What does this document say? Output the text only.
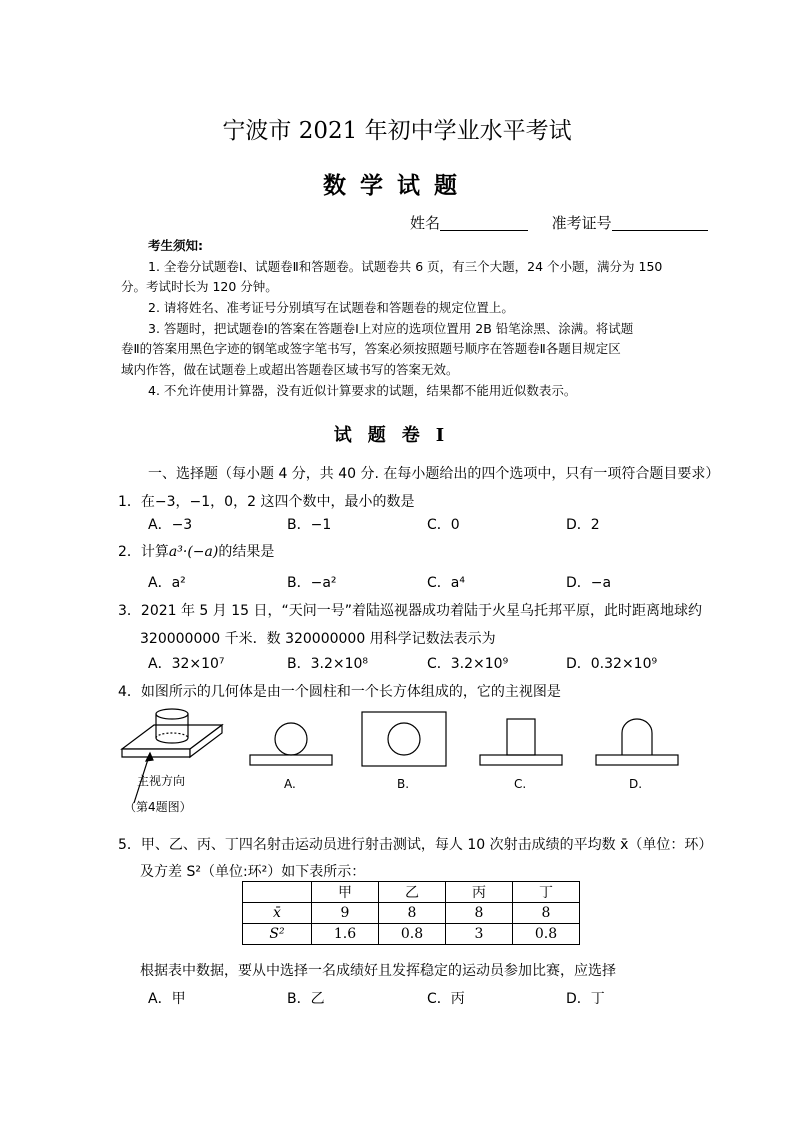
宁波市 2021 年初中学业水平考试
数学试题
姓名	准考证号
考生须知:
1. 全卷分试题卷Ⅰ、试题卷Ⅱ和答题卷。试题卷共 6 页，有三个大题，24 个小题，满分为 150
分。考试时长为 120 分钟。
2. 请将姓名、准考证号分别填写在试题卷和答题卷的规定位置上。
3. 答题时，把试题卷Ⅰ的答案在答题卷Ⅰ上对应的选项位置用 2B 铅笔涂黑、涂满。将试题
卷Ⅱ的答案用黑色字迹的钢笔或签字笔书写，答案必须按照题号顺序在答题卷Ⅱ各题目规定区
域内作答，做在试题卷上或超出答题卷区域书写的答案无效。
4. 不允许使用计算器，没有近似计算要求的试题，结果都不能用近似数表示。
试题卷Ⅰ
一、选择题（每小题 4 分，共 40 分. 在每小题给出的四个选项中，只有一项符合题目要求）
1．在−3，−1，0，2 这四个数中，最小的数是
A．−3	B．−1	C．0	D．2
2．计算a³·(−a)的结果是
A．a²	B．−a²	C．a⁴	D．−a
3．2021 年 5 月 15 日，“天问一号”着陆巡视器成功着陆于火星乌托邦平原，此时距离地球约
320000000 千米．数 320000000 用科学记数法表示为
A．32×10⁷	B．3.2×10⁸	C．3.2×10⁹	D．0.32×10⁹
4．如图所示的几何体是由一个圆柱和一个长方体组成的，它的主视图是
主视方向
（第4题图）
A.	B.	C.	D.
5．甲、乙、丙、丁四名射击运动员进行射击测试，每人 10 次射击成绩的平均数 x̄（单位：环）
及方差 S²（单位:环²）如下表所示：
	甲	乙	丙	丁
x̄	9	8	8	8
S²	1.6	0.8	3	0.8
根据表中数据，要从中选择一名成绩好且发挥稳定的运动员参加比赛，应选择
A．甲	B．乙	C．丙	D．丁
